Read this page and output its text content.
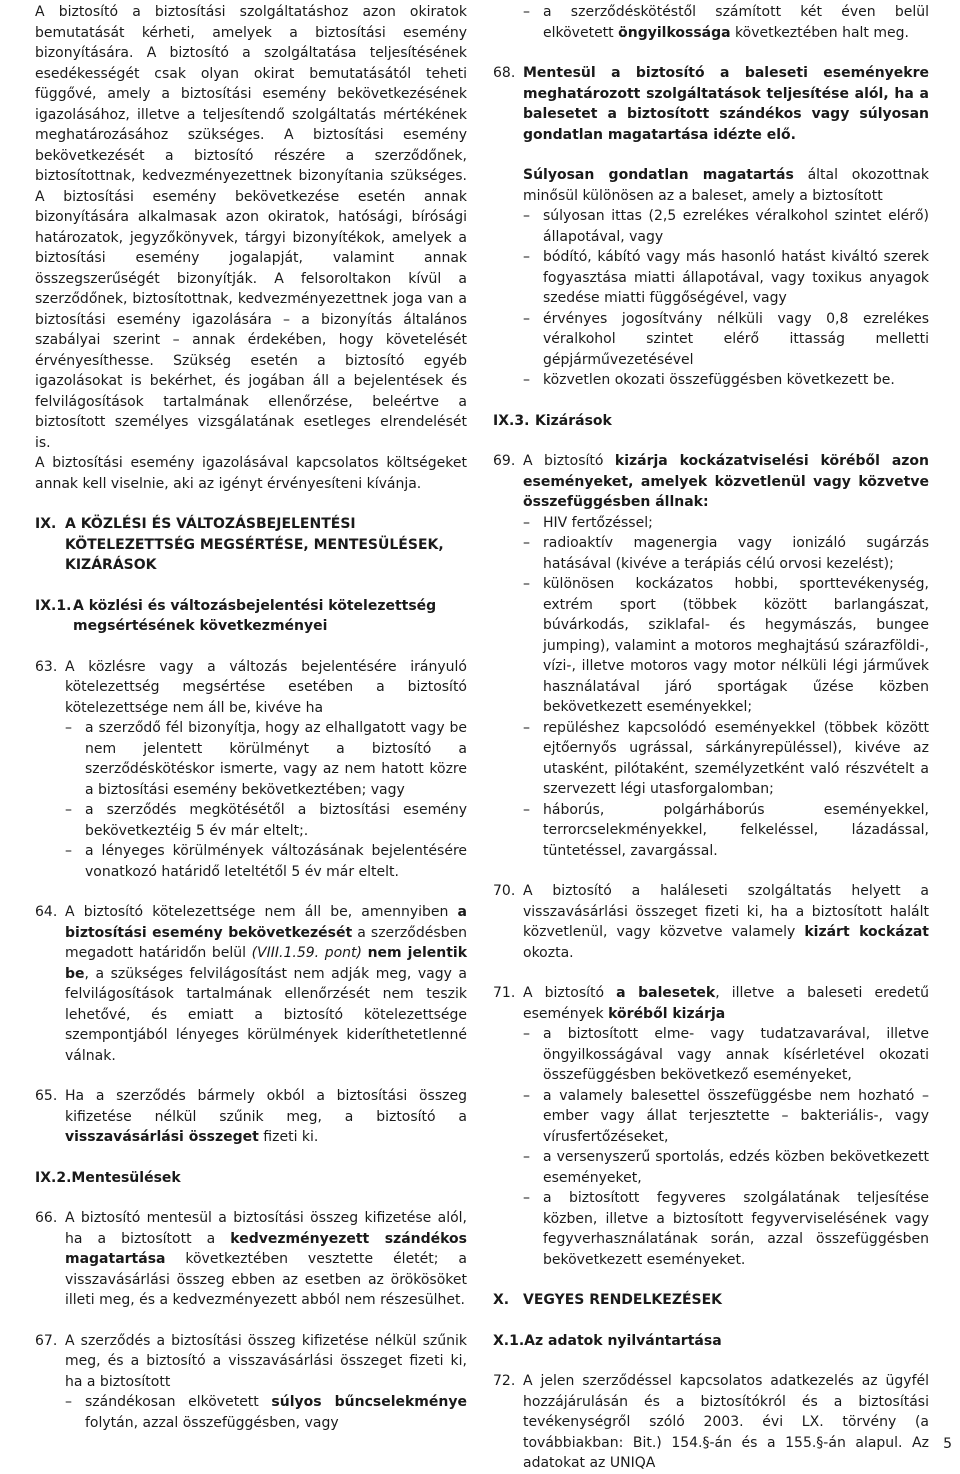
A biztosító a biztosítási szolgáltatáshoz azon okiratok bemutatását kérheti, amelyek a biztosítási esemény bizonyítására. A biztosító a szolgáltatása teljesítésének esedékességét csak olyan okirat bemutatásától teheti függővé, amely a biztosítási esemény bekövetkezésének igazolásához, illetve a teljesítendő szolgáltatás mértékének meghatározásához szükséges. A biztosítási esemény bekövetkezését a biztosító részére a szerződőnek, biztosítottnak, kedvezményezettnek bizonyítania szükséges. A biztosítási esemény bekövetkezése esetén annak bizonyítására alkalmasak azon okiratok, hatósági, bírósági határozatok, jegyzőkönyvek, tárgyi bizonyítékok, amelyek a biztosítási esemény jogalapját, valamint annak összegszerűségét bizonyítják. A felsoroltakon kívül a szerződőnek, biztosítottnak, kedvezményezettnek joga van a biztosítási esemény igazolására – a bizonyítás általános szabályai szerint – annak érdekében, hogy követelését érvényesíthesse. Szükség esetén a biztosító egyéb igazolásokat is bekérhet, és jogában áll a bejelentések és felvilágosítások tartalmának ellenőrzése, beleértve a biztosított személyes vizsgálatának esetleges elrendelését is.

A biztosítási esemény igazolásával kapcsolatos költségeket annak kell viselnie, aki az igényt érvényesíteni kívánja.

IX. A KÖZLÉSI ÉS VÁLTOZÁSBEJELENTÉSI KÖTELEZETTSÉG MEGSÉRTÉSE, MENTESÜLÉSEK, KIZÁRÁSOK
IX.1. A közlési és változásbejelentési kötelezettség megsértésének következményei
63. A közlésre vagy a változás bejelentésére irányuló kötelezettség megsértése esetében a biztosító kötelezettsége nem áll be, kivéve ha

– a szerződő fél bizonyítja, hogy az elhallgatott vagy be nem jelentett körülményt a biztosító a szerződéskötéskor ismerte, vagy az nem hatott közre a biztosítási esemény bekövetkeztében; vagy

– a szerződés megkötésétől a biztosítási esemény bekövetkeztéig 5 év már eltelt;.

– a lényeges körülmények változásának bejelentésére vonatkozó határidő leteltétől 5 év már eltelt.

64. A biztosító kötelezettsége nem áll be, amennyiben a biztosítási esemény bekövetkezését a szerződésben megadott határidőn belül (VIII.1.59. pont) nem jelentik be, a szükséges felvilágosítást nem adják meg, vagy a felvilágosítások tartalmának ellenőrzését nem teszik lehetővé, és emiatt a biztosító kötelezettsége szempontjából lényeges körülmények kideríthetetlenné válnak.

65. Ha a szerződés bármely okból a biztosítási összeg kifizetése nélkül szűnik meg, a biztosító a visszavásárlási összeget fizeti ki.

IX.2. Mentesülések
66. A biztosító mentesül a biztosítási összeg kifizetése alól, ha a biztosított a kedvezményezett szándékos magatartása következtében vesztette életét; a visszavásárlási összeg ebben az esetben az örökösöket illeti meg, és a kedvezményezett abból nem részesülhet.

67. A szerződés a biztosítási összeg kifizetése nélkül szűnik meg, és a biztosító a visszavásárlási összeget fizeti ki, ha a biztosított

– szándékosan elkövetett súlyos bűncselekménye folytán, azzal összefüggésben, vagy

– a szerződéskötéstől számított két éven belül elkövetett öngyilkossága következtében halt meg.

68. Mentesül a biztosító a baleseti eseményekre meghatározott szolgáltatások teljesítése alól, ha a balesetet a biztosított szándékos vagy súlyosan gondatlan magatartása idézte elő.

Súlyosan gondatlan magatartás által okozottnak minősül különösen az a baleset, amely a biztosított

– súlyosan ittas (2,5 ezrelékes véralkohol szintet elérő) állapotával, vagy

– bódító, kábító vagy más hasonló hatást kiváltó szerek fogyasztása miatti állapotával, vagy toxikus anyagok szedése miatti függőségével, vagy

– érvényes jogosítvány nélküli vagy 0,8 ezrelékes véralkohol szintet elérő ittasság melletti gépjárművezetésével

– közvetlen okozati összefüggésben következett be.

IX.3. Kizárások
69. A biztosító kizárja kockázatviselési köréből azon eseményeket, amelyek közvetlenül vagy közvetve összefüggésben állnak:

– HIV fertőzéssel;

– radioaktív magenergia vagy ionizáló sugárzás hatásával (kivéve a terápiás célú orvosi kezelést);

– különösen kockázatos hobbi, sporttevékenység, extrém sport (többek között barlangászat, búvárkodás, sziklafal- és hegymászás, bungee jumping), valamint a motoros meghajtású szárazföldi-, vízi-, illetve motoros vagy motor nélküli légi járművek használatával járó sportágak űzése közben bekövetkezett eseményekkel;

– repüléshez kapcsolódó eseményekkel (többek között ejtőernyős ugrással, sárkányrepüléssel), kivéve az utasként, pilótaként, személyzetként való részvételt a szervezett légi utasforgalomban;

– háborús, polgárháborús eseményekkel, terrorcselekményekkel, felkeléssel, lázadással, tüntetéssel, zavargással.

70. A biztosító a haláleseti szolgáltatás helyett a visszavásárlási összeget fizeti ki, ha a biztosított halált közvetlenül, vagy közvetve valamely kizárt kockázat okozta.

71. A biztosító a balesetek, illetve a baleseti eredetű események köréből kizárja

– a biztosított elme- vagy tudatzavarával, illetve öngyilkosságával vagy annak kísérletével okozati összefüggésben bekövetkező eseményeket,

– a valamely balesettel összefüggésbe nem hozható – ember vagy állat terjesztette – bakteriális-, vagy vírusfertőzéseket,

– a versenyszerű sportolás, edzés közben bekövetkezett eseményeket,

– a biztosított fegyveres szolgálatának teljesítése közben, illetve a biztosított fegyverviselésének vagy fegyverhasználatának során, azzal összefüggésben bekövetkezett eseményeket.

X. VEGYES RENDELKEZÉSEK
X.1. Az adatok nyilvántartása
72. A jelen szerződéssel kapcsolatos adatkezelés az ügyfél hozzájárulásán és a biztosítókról és a biztosítási tevékenységről szóló 2003. évi LX. törvény (a továbbiakban: Bit.) 154.§-án és a 155.§-án alapul. Az adatokat az UNIQA

5
